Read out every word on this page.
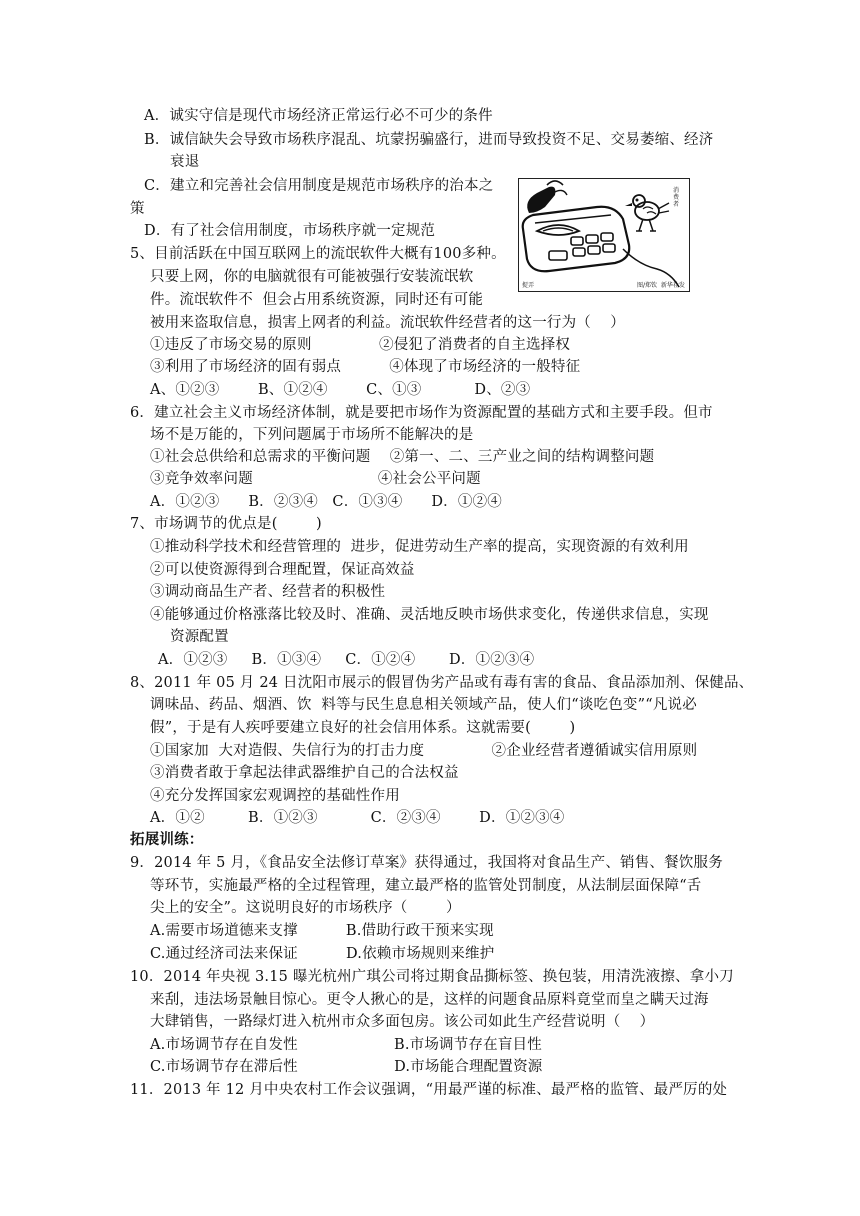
A．诚实守信是现代市场经济正常运行必不可少的条件
B．诚信缺失会导致市场秩序混乱、坑蒙拐骗盛行，进而导致投资不足、交易萎缩、经济
衰退
C．建立和完善社会信用制度是规范市场秩序的治本之
策
D．有了社会信用制度，市场秩序就一定规范
5、目前活跃在中国互联网上的流氓软件大概有100多种。
只要上网，你的电脑就很有可能被强行安装流氓软
件。流氓软件不  但会占用系统资源，同时还有可能
被用来盗取信息，损害上网者的利益。流氓软件经营者的这一行为（    ）
①违反了市场交易的原则              ②侵犯了消费者的自主选择权
③利用了市场经济的固有弱点          ④体现了市场经济的一般特征
A、①②③        B、①②④        C、①③           D、②③
6．建立社会主义市场经济体制，就是要把市场作为资源配置的基础方式和主要手段。但市
场不是万能的，下列问题属于市场所不能解决的是
①社会总供给和总需求的平衡问题    ②第一、二、三产业之间的结构调整问题
③竞争效率问题                          ④社会公平问题
A．①②③      B．②③④   C．①③④      D．①②④
7、市场调节的优点是(        )
①推动科学技术和经营管理的  进步，促进劳动生产率的提高，实现资源的有效利用
②可以使资源得到合理配置，保证高效益
③调动商品生产者、经营者的积极性
④能够通过价格涨落比较及时、准确、灵活地反映市场供求变化，传递供求信息，实现
资源配置
A．①②③     B．①③④     C．①②④       D．①②③④
8、2011 年 05 月 24 日沈阳市展示的假冒伪劣产品或有毒有害的食品、食品添加剂、保健品、
调味品、药品、烟酒、饮  料等与民生息息相关领域产品，使人们“谈吃色变”“凡说必
假”，于是有人疾呼要建立良好的社会信用体系。这就需要(        )
①国家加  大对造假、失信行为的打击力度              ②企业经营者遵循诚实信用原则
③消费者敢于拿起法律武器维护自己的合法权益
④充分发挥国家宏观调控的基础性作用
A．①②         B．①②③           C．②③④        D．①②③④
拓展训练：
9．2014 年 5 月，《食品安全法修订草案》获得通过，我国将对食品生产、销售、餐饮服务
等环节，实施最严格的全过程管理，建立最严格的监管处罚制度，从法制层面保障“舌
尖上的安全”。这说明良好的市场秩序（        ）
A.需要市场道德来支撑          B.借助行政干预来实现
C.通过经济司法来保证          D.依赖市场规则来维护
10．2014 年央视 3.15 曝光杭州广琪公司将过期食品撕标签、换包装，用清洗液擦、拿小刀
来刮，违法场景触目惊心。更令人揪心的是，这样的问题食品原料竟堂而皇之瞒天过海
大肆销售，一路绿灯进入杭州市众多面包房。该公司如此生产经营说明（    ）
A.市场调节存在自发性                    B.市场调节存在盲目性
C.市场调节存在滞后性                    D.市场能合理配置资源
11．2013 年 12 月中央农村工作会议强调，“用最严谨的标准、最严格的监管、最严厉的处
消费者
捉弄	图/郑钦  新华社发
